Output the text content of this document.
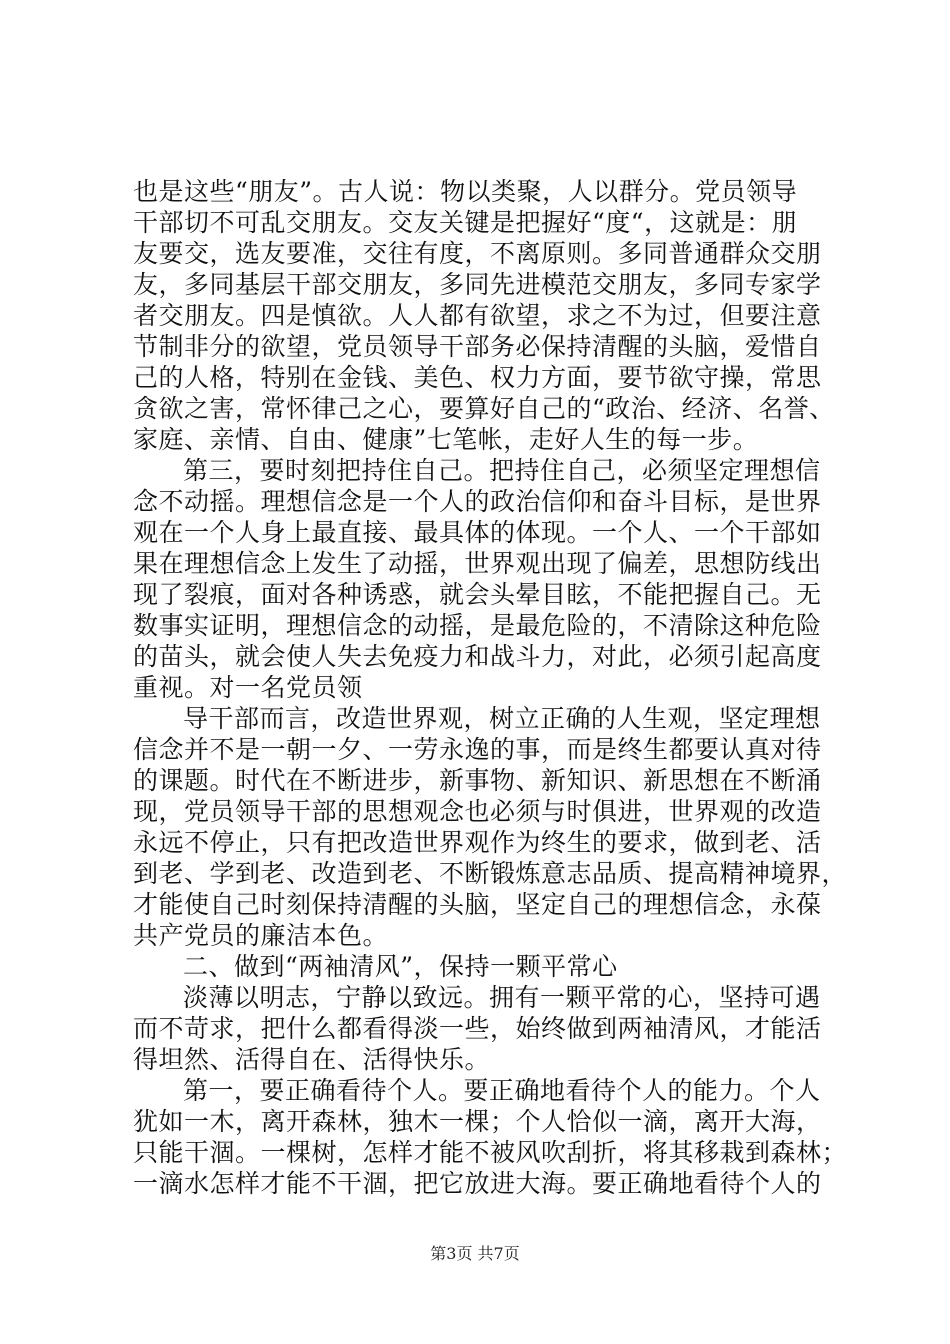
也是这些“朋友”。古人说：物以类聚，人以群分。党员领导
干部切不可乱交朋友。交友关键是把握好“度“，这就是：朋
友要交，选友要准，交往有度，不离原则。多同普通群众交朋
友，多同基层干部交朋友，多同先进模范交朋友，多同专家学
者交朋友。四是慎欲。人人都有欲望，求之不为过，但要注意
节制非分的欲望，党员领导干部务必保持清醒的头脑，爱惜自
己的人格，特别在金钱、美色、权力方面，要节欲守操，常思
贪欲之害，常怀律己之心，要算好自己的“政治、经济、名誉、
家庭、亲情、自由、健康”七笔帐，走好人生的每一步。
第三，要时刻把持住自己。把持住自己，必须坚定理想信
念不动摇。理想信念是一个人的政治信仰和奋斗目标，是世界
观在一个人身上最直接、最具体的体现。一个人、一个干部如
果在理想信念上发生了动摇，世界观出现了偏差，思想防线出
现了裂痕，面对各种诱惑，就会头晕目眩，不能把握自己。无
数事实证明，理想信念的动摇，是最危险的，不清除这种危险
的苗头，就会使人失去免疫力和战斗力，对此，必须引起高度
重视。对一名党员领
导干部而言，改造世界观，树立正确的人生观，坚定理想
信念并不是一朝一夕、一劳永逸的事，而是终生都要认真对待
的课题。时代在不断进步，新事物、新知识、新思想在不断涌
现，党员领导干部的思想观念也必须与时俱进，世界观的改造
永远不停止，只有把改造世界观作为终生的要求，做到老、活
到老、学到老、改造到老、不断锻炼意志品质、提高精神境界，
才能使自己时刻保持清醒的头脑，坚定自己的理想信念，永葆
共产党员的廉洁本色。
二、做到“两袖清风”，保持一颗平常心
淡薄以明志，宁静以致远。拥有一颗平常的心，坚持可遇
而不苛求，把什么都看得淡一些，始终做到两袖清风，才能活
得坦然、活得自在、活得快乐。
第一，要正确看待个人。要正确地看待个人的能力。个人
犹如一木，离开森林，独木一棵；个人恰似一滴，离开大海，
只能干涸。一棵树，怎样才能不被风吹刮折，将其移栽到森林；
一滴水怎样才能不干涸，把它放进大海。要正确地看待个人的
第3页 共7页
